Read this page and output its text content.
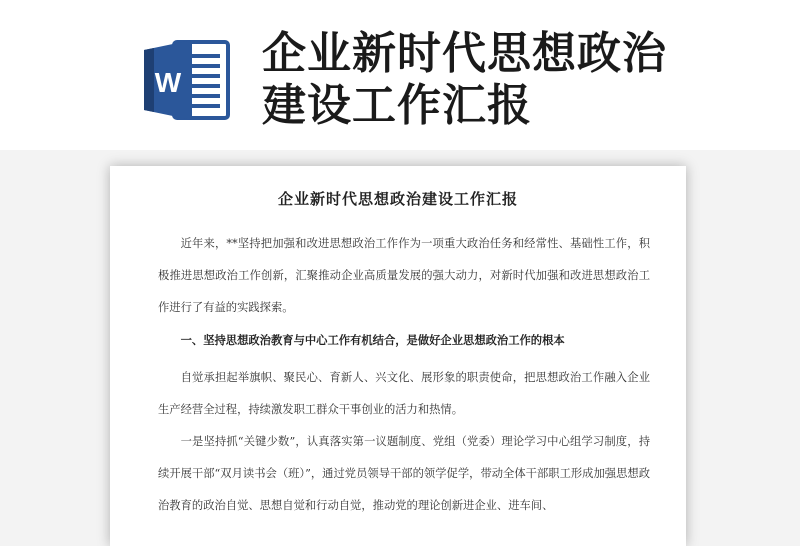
W
企业新时代思想政治
建设工作汇报
企业新时代思想政治建设工作汇报
近年来，**坚持把加强和改进思想政治工作作为一项重大政治任务和经常性、基础性工作，积极推进思想政治工作创新，汇聚推动企业高质量发展的强大动力，对新时代加强和改进思想政治工作进行了有益的实践探索。
一、坚持思想政治教育与中心工作有机结合，是做好企业思想政治工作的根本
自觉承担起举旗帜、聚民心、育新人、兴文化、展形象的职责使命，把思想政治工作融入企业生产经营全过程，持续激发职工群众干事创业的活力和热情。
一是坚持抓“关键少数”，认真落实第一议题制度、党组（党委）理论学习中心组学习制度，持续开展干部“双月读书会（班）”，通过党员领导干部的领学促学，带动全体干部职工形成加强思想政治教育的政治自觉、思想自觉和行动自觉，推动党的理论创新进企业、进车间、
